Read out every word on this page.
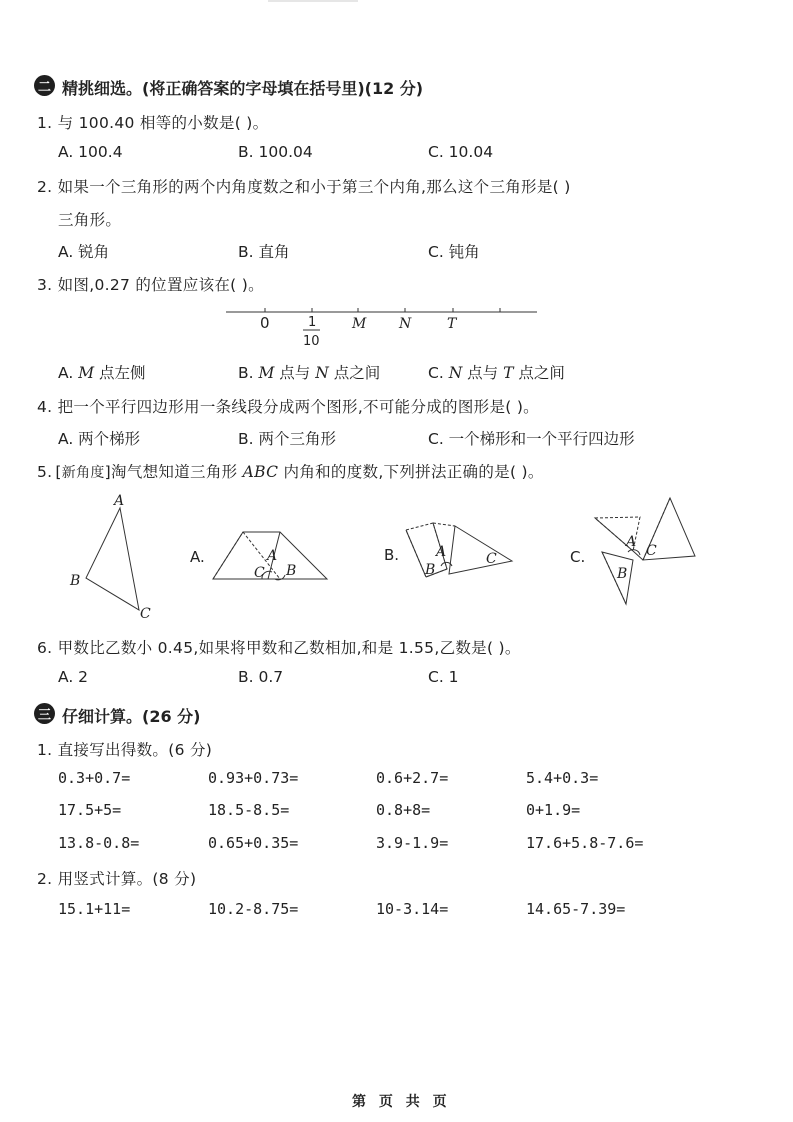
二 精挑细选。(将正确答案的字母填在括号里)(12 分)
1. 与 100.40 相等的小数是( )。
A. 100.4	B. 100.04	C. 10.04
2. 如果一个三角形的两个内角度数之和小于第三个内角,那么这个三角形是( )
三角形。
A. 锐角	B. 直角	C. 钝角
3. 如图,0.27 的位置应该在( )。
0	1
10
M N	T
A. M 点左侧	B. M 点与 N 点之间	C. N 点与 T 点之间
4. 把一个平行四边形用一条线段分成两个图形,不可能分成的图形是( )。
A. 两个梯形	B. 两个三角形	C. 一个梯形和一个平行四边形
5. [新角度]淘气想知道三角形 ABC 内角和的度数,下列拼法正确的是( )。
A
B
C
A.	A
C B
B.	A
B
C	C.
A
C
B
6. 甲数比乙数小 0.45,如果将甲数和乙数相加,和是 1.55,乙数是( )。
A. 2	B. 0.7	C. 1
三 仔细计算。(26 分)
1. 直接写出得数。(6 分)
0.3+0.7=	0.93+0.73=	0.6+2.7=	5.4+0.3=
17.5+5=	18.5-8.5=	0.8+8=	0+1.9=
13.8-0.8=	0.65+0.35=	3.9-1.9=	17.6+5.8-7.6=
2. 用竖式计算。(8 分)
15.1+11=	10.2-8.75=	10-3.14=	14.65-7.39=
第 页 共 页
